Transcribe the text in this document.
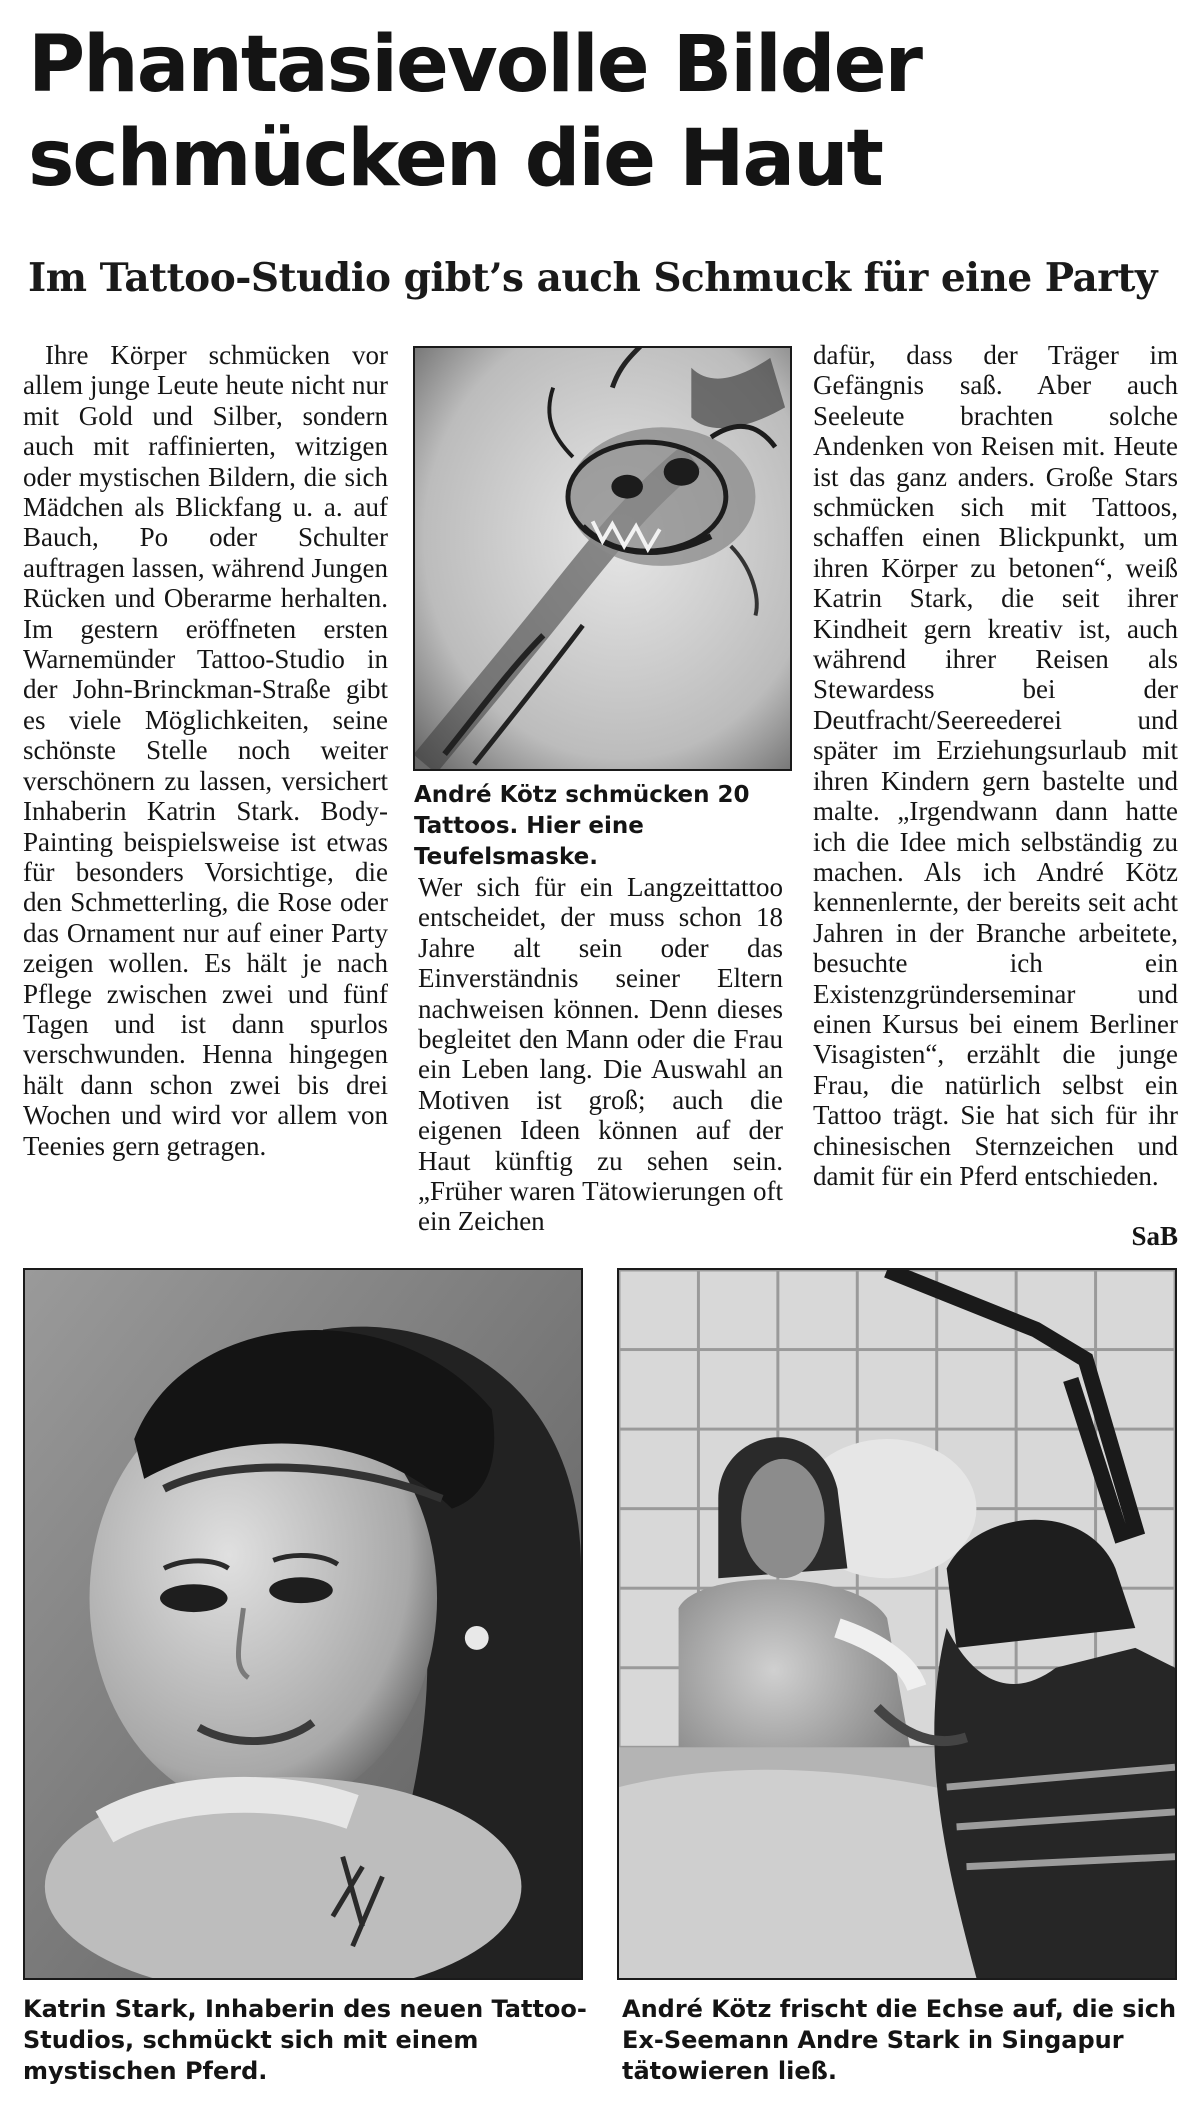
Phantasievolle Bilder
schmücken die Haut
Im Tattoo-Studio gibt’s auch Schmuck für eine Party

Ihre Körper schmücken vor allem junge Leute heute nicht nur mit Gold und Silber, sondern auch mit raffinierten, witzigen oder mystischen Bildern, die sich Mädchen als Blickfang u. a. auf Bauch, Po oder Schulter auftragen lassen, während Jungen Rücken und Oberarme herhalten. Im gestern eröffneten ersten Warnemünder Tattoo-Studio in der John-Brinckman-Straße gibt es viele Möglichkeiten, seine schönste Stelle noch weiter verschönern zu lassen, versichert Inhaberin Katrin Stark. Body-Painting beispielsweise ist etwas für besonders Vorsichtige, die den Schmetterling, die Rose oder das Ornament nur auf einer Party zeigen wollen. Es hält je nach Pflege zwischen zwei und fünf Tagen und ist dann spurlos verschwunden. Henna hingegen hält dann schon zwei bis drei Wochen und wird vor allem von Teenies gern getragen.

André Kötz schmücken 20 Tattoos. Hier eine Teufelsmaske.

Wer sich für ein Langzeittattoo entscheidet, der muss schon 18 Jahre alt sein oder das Einverständnis seiner Eltern nachweisen können. Denn dieses begleitet den Mann oder die Frau ein Leben lang. Die Auswahl an Motiven ist groß; auch die eigenen Ideen können auf der Haut künftig zu sehen sein. „Früher waren Tätowierungen oft ein Zeichen

dafür, dass der Träger im Gefängnis saß. Aber auch Seeleute brachten solche Andenken von Reisen mit. Heute ist das ganz anders. Große Stars schmücken sich mit Tattoos, schaffen einen Blickpunkt, um ihren Körper zu betonen“, weiß Katrin Stark, die seit ihrer Kindheit gern kreativ ist, auch während ihrer Reisen als Stewardess bei der Deutfracht/Seereederei und später im Erziehungsurlaub mit ihren Kindern gern bastelte und malte. „Irgendwann dann hatte ich die Idee mich selbständig zu machen. Als ich André Kötz kennenlernte, der bereits seit acht Jahren in der Branche arbeitete, besuchte ich ein Existenzgründerseminar und einen Kursus bei einem Berliner Visagisten“, erzählt die junge Frau, die natürlich selbst ein Tattoo trägt. Sie hat sich für ihr chinesischen Sternzeichen und damit für ein Pferd entschieden.

SaB
Katrin Stark, Inhaberin des neuen Tattoo-Studios, schmückt sich mit einem mystischen Pferd.
André Kötz frischt die Echse auf, die sich Ex-Seemann Andre Stark in Singapur tätowieren ließ.
